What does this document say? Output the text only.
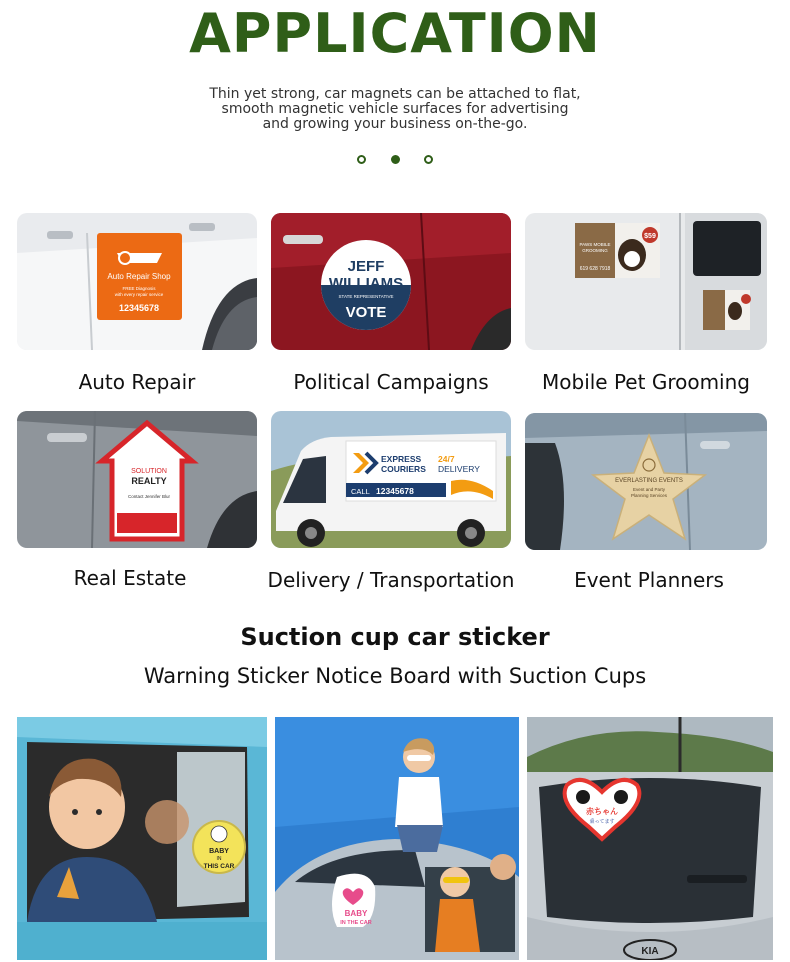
APPLICATION
Thin yet strong, car magnets can be attached to flat,
smooth magnetic vehicle surfaces for advertising
and growing your business on-the-go.

Auto Repair Shop
FREE Diagnosis
with every repair service
12345678
Auto Repair
JEFF
WILLIAMS
STATE REPRESENTATIVE
VOTE
Political Campaigns
$59
PAWS MOBILE
GROOMING
619 628 7918
Mobile Pet Grooming
SOLUTION
REALTY
Contact Jennifer Blur
Real Estate
EXPRESS
COURIERS
24/7
DELIVERY
CALL 12345678
Delivery / Transportation
EVERLASTING EVENTS
Event and Party
Planning Services
Event Planners
Suction cup car sticker
Warning Sticker Notice Board with Suction Cups
BABY
IN
THIS CAR
BABY
IN THE CAR
KIA
赤ちゃん
乗ってます
